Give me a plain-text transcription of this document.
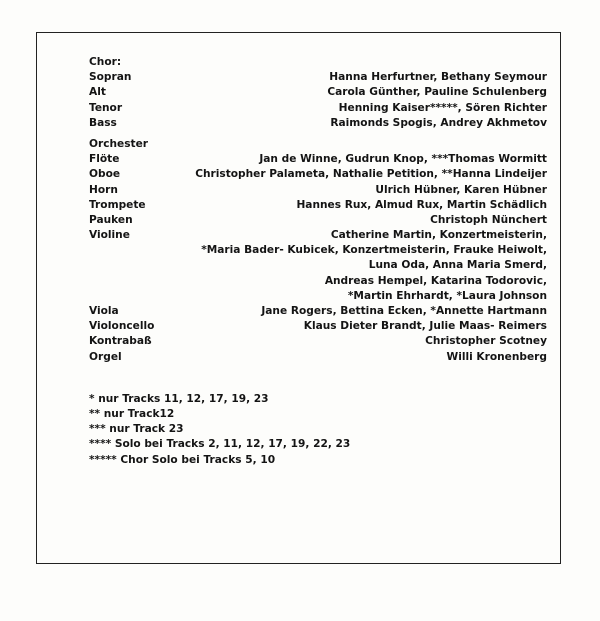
Chor:
Sopran	Hanna Herfurtner, Bethany Seymour
Alt	Carola Günther, Pauline Schulenberg
Tenor	Henning Kaiser*****, Sören Richter
Bass	Raimonds Spogis, Andrey Akhmetov
Orchester
Flöte	Jan de Winne, Gudrun Knop, ***Thomas Wormitt
Oboe	Christopher Palameta, Nathalie Petition, **Hanna Lindeijer
Horn	Ulrich Hübner, Karen Hübner
Trompete	Hannes Rux, Almud Rux, Martin Schädlich
Pauken	Christoph Nünchert
Violine	Catherine Martin, Konzertmeisterin,
*Maria Bader- Kubicek, Konzertmeisterin, Frauke Heiwolt,
Luna Oda, Anna Maria Smerd,
Andreas Hempel, Katarina Todorovic,
*Martin Ehrhardt, *Laura Johnson
Viola	Jane Rogers, Bettina Ecken, *Annette Hartmann
Violoncello	Klaus Dieter Brandt, Julie Maas- Reimers
Kontrabaß	Christopher Scotney
Orgel	Willi Kronenberg
* nur Tracks 11, 12, 17, 19, 23
** nur Track12
*** nur Track 23
**** Solo bei Tracks 2, 11, 12, 17, 19, 22, 23
***** Chor Solo bei Tracks 5, 10
